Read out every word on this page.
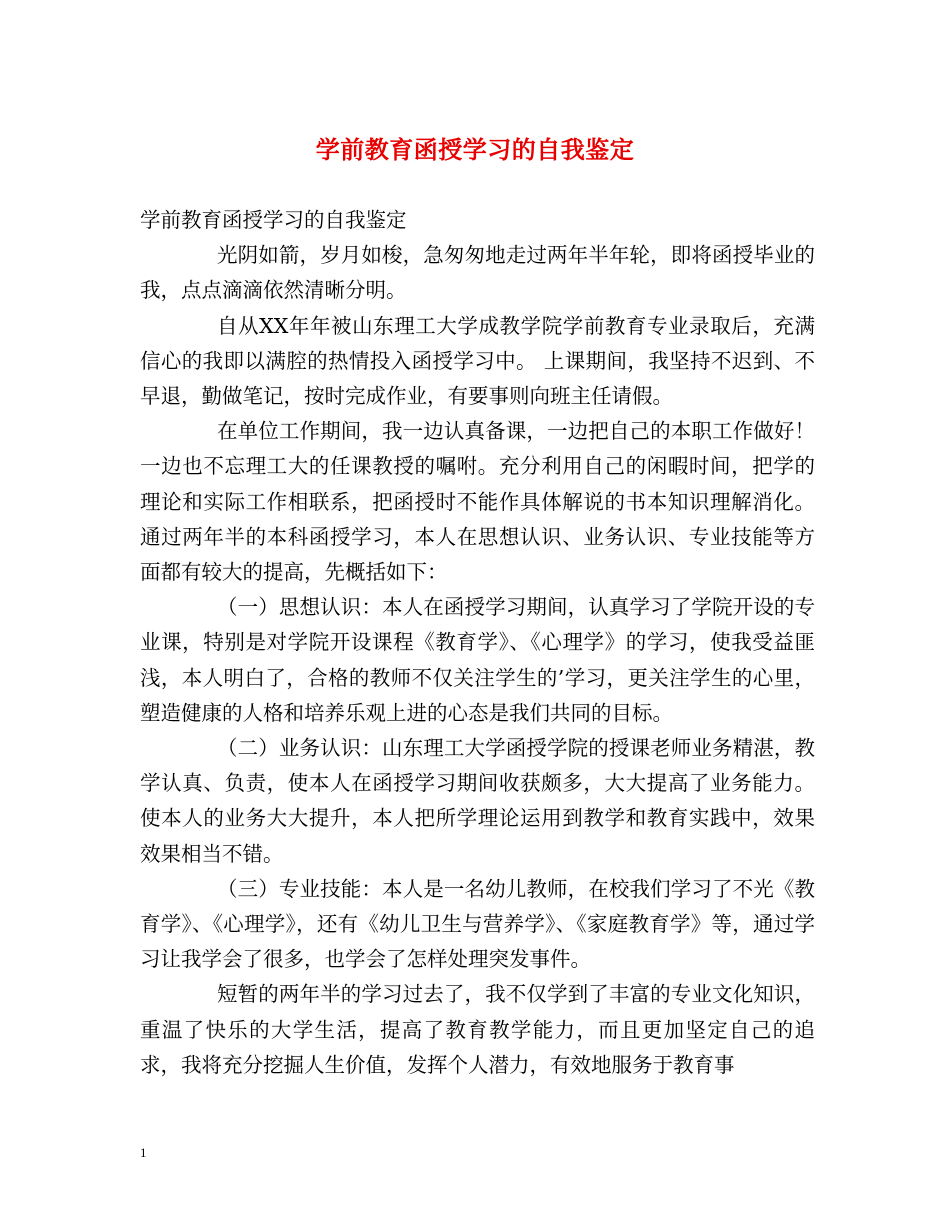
学前教育函授学习的自我鉴定

学前教育函授学习的自我鉴定

光阴如箭，岁月如梭，急匆匆地走过两年半年轮，即将函授毕业的我，点点滴滴依然清晰分明。

自从XX年年被山东理工大学成教学院学前教育专业录取后，充满信心的我即以满腔的热情投入函授学习中。 上课期间，我坚持不迟到、不早退，勤做笔记，按时完成作业，有要事则向班主任请假。

在单位工作期间，我一边认真备课，一边把自己的本职工作做好！一边也不忘理工大的任课教授的嘱咐。充分利用自己的闲暇时间，把学的理论和实际工作相联系，把函授时不能作具体解说的书本知识理解消化。通过两年半的本科函授学习，本人在思想认识、业务认识、专业技能等方面都有较大的提高，先概括如下：

（一）思想认识：本人在函授学习期间，认真学习了学院开设的专业课，特别是对学院开设课程《教育学》、《心理学》的学习，使我受益匪浅，本人明白了，合格的教师不仅关注学生的’学习，更关注学生的心里，塑造健康的人格和培养乐观上进的心态是我们共同的目标。

（二）业务认识：山东理工大学函授学院的授课老师业务精湛，教学认真、负责，使本人在函授学习期间收获颇多，大大提高了业务能力。使本人的业务大大提升，本人把所学理论运用到教学和教育实践中，效果效果相当不错。

（三）专业技能：本人是一名幼儿教师，在校我们学习了不光《教育学》、《心理学》，还有《幼儿卫生与营养学》、《家庭教育学》等，通过学习让我学会了很多，也学会了怎样处理突发事件。

短暂的两年半的学习过去了，我不仅学到了丰富的专业文化知识，重温了快乐的大学生活，提高了教育教学能力，而且更加坚定自己的追求，我将充分挖掘人生价值，发挥个人潜力，有效地服务于教育事

1
